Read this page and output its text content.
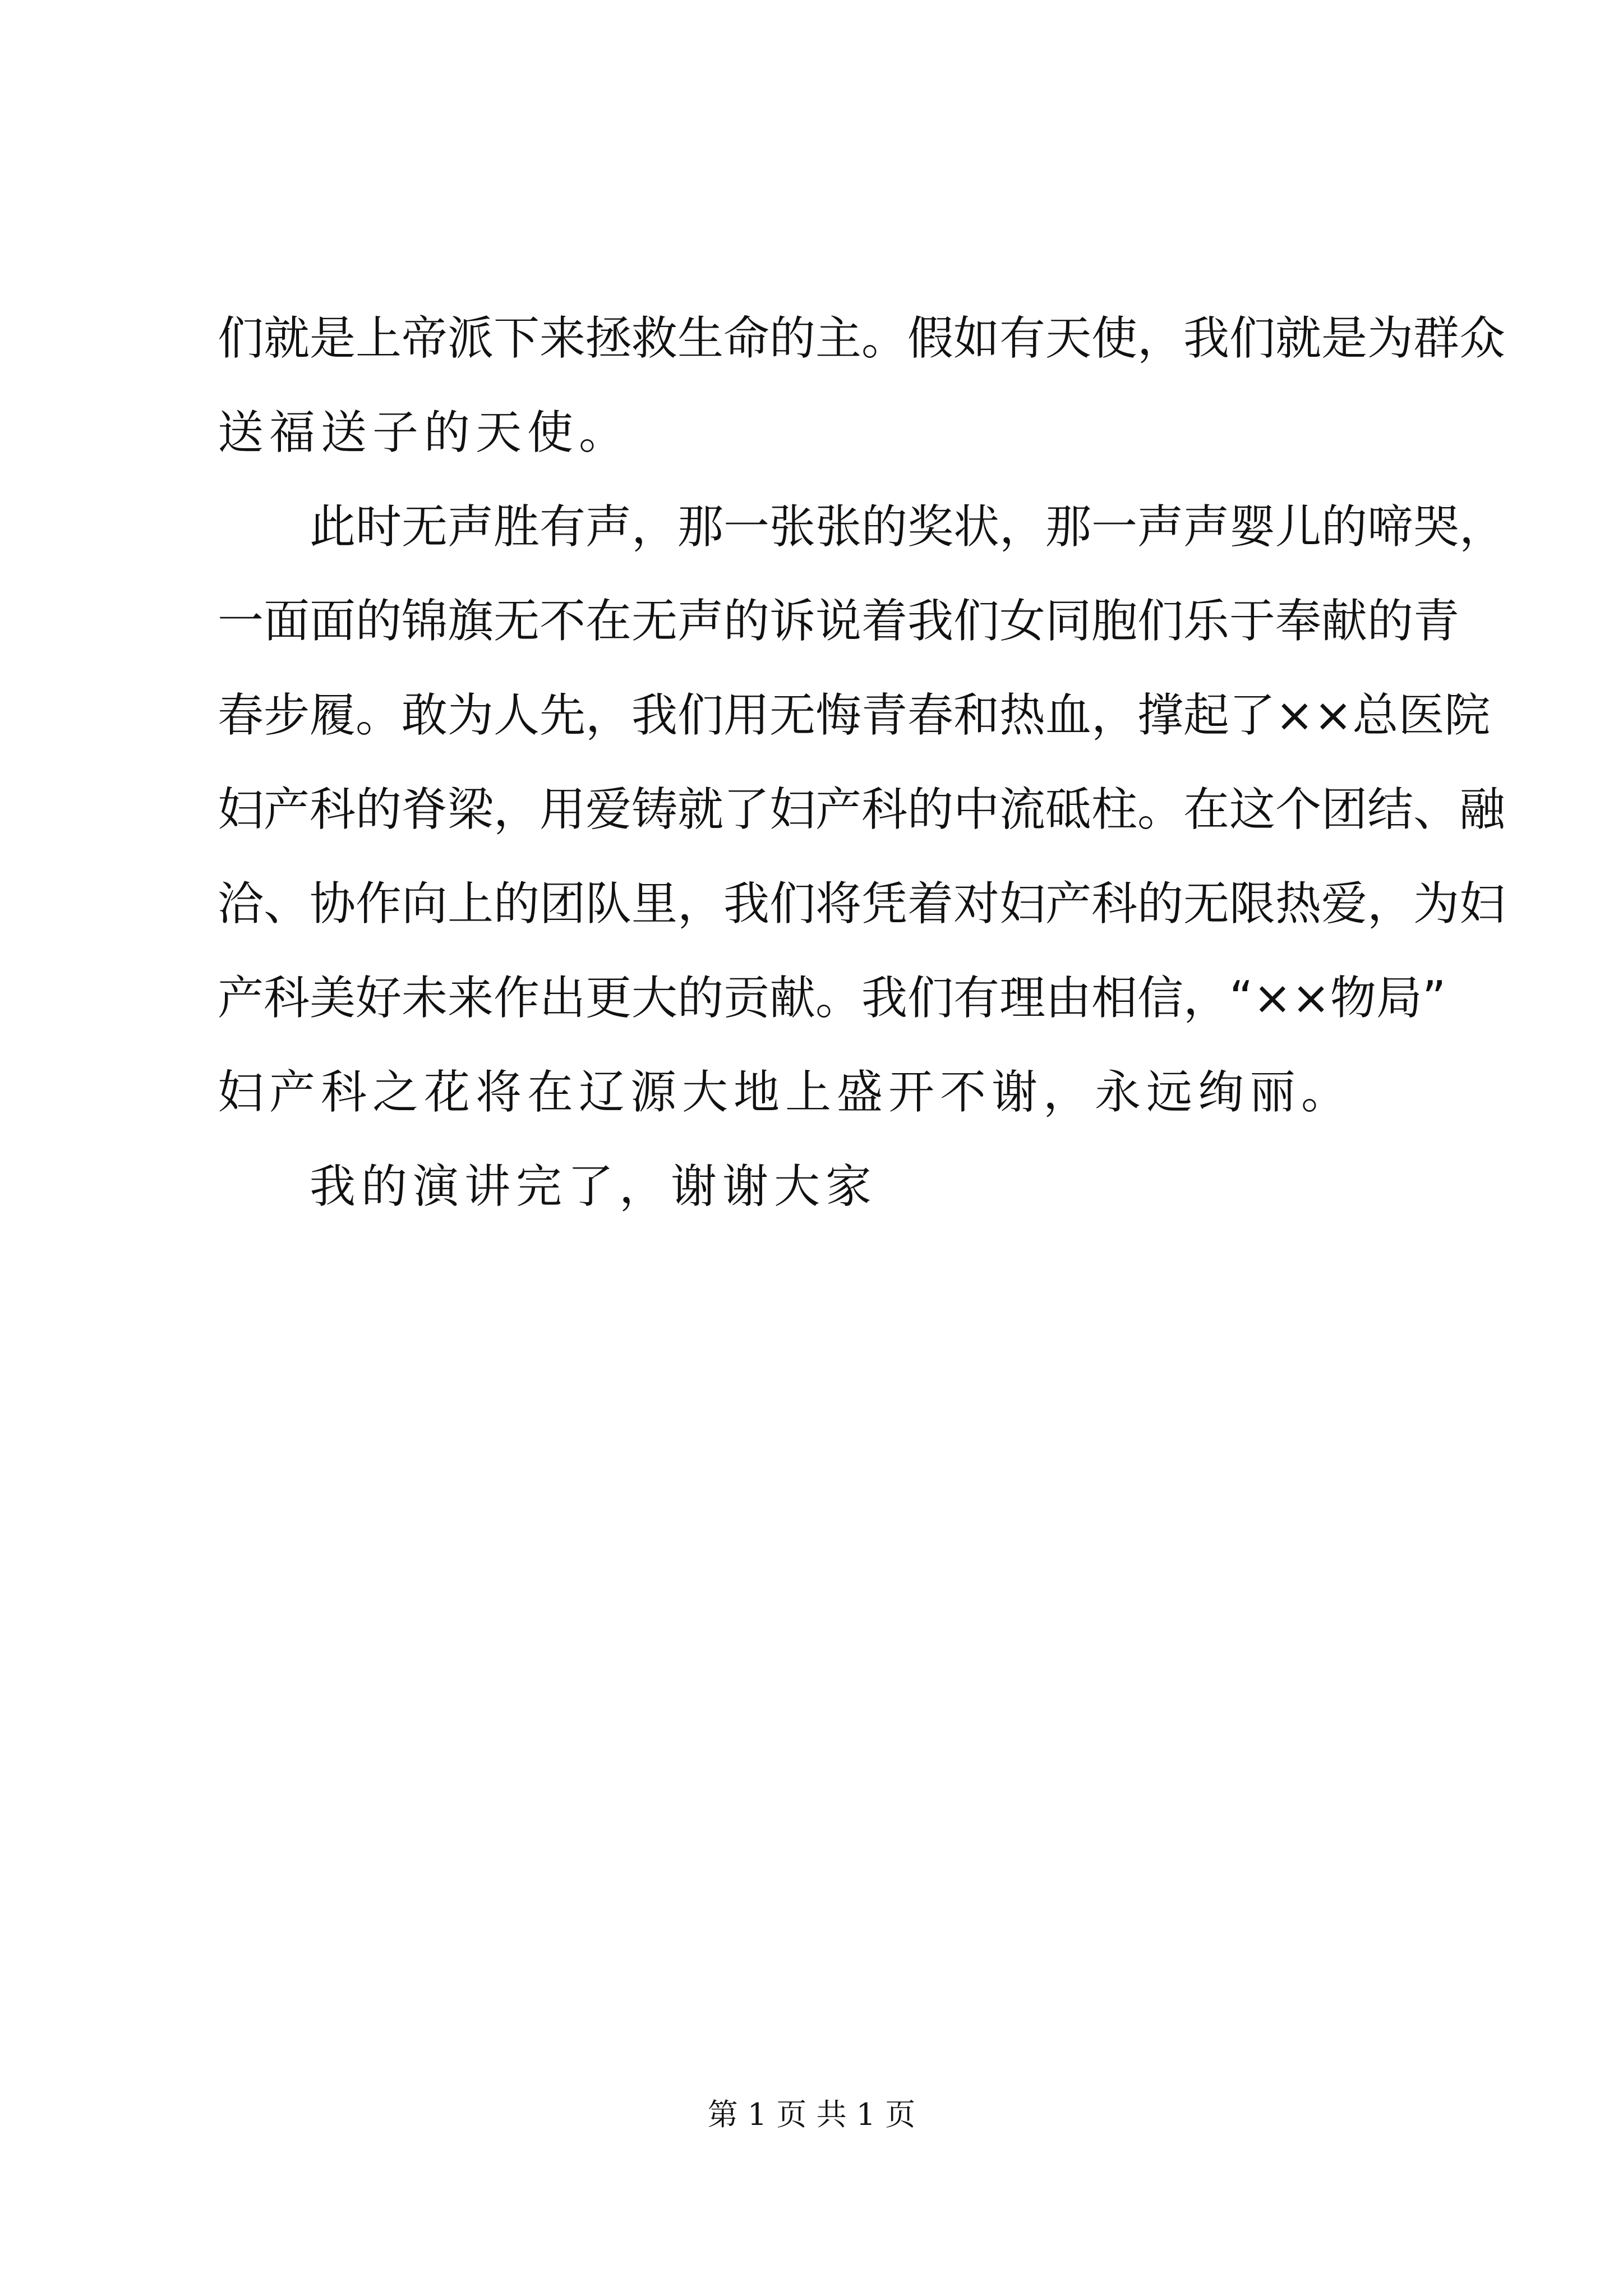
们就是上帝派下来拯救生命的主。假如有天使，我们就是为群众
送福送子的天使。
此时无声胜有声，那一张张的奖状，那一声声婴儿的啼哭，
一面面的锦旗无不在无声的诉说着我们女同胞们乐于奉献的青
春步履。敢为人先，我们用无悔青春和热血，撑起了××总医院
妇产科的脊梁，用爱铸就了妇产科的中流砥柱。在这个团结、融
洽、协作向上的团队里，我们将凭着对妇产科的无限热爱，为妇
产科美好未来作出更大的贡献。我们有理由相信，“××物局”
妇产科之花将在辽源大地上盛开不谢，永远绚丽。
我的演讲完了，谢谢大家
第 1 页 共 1 页
